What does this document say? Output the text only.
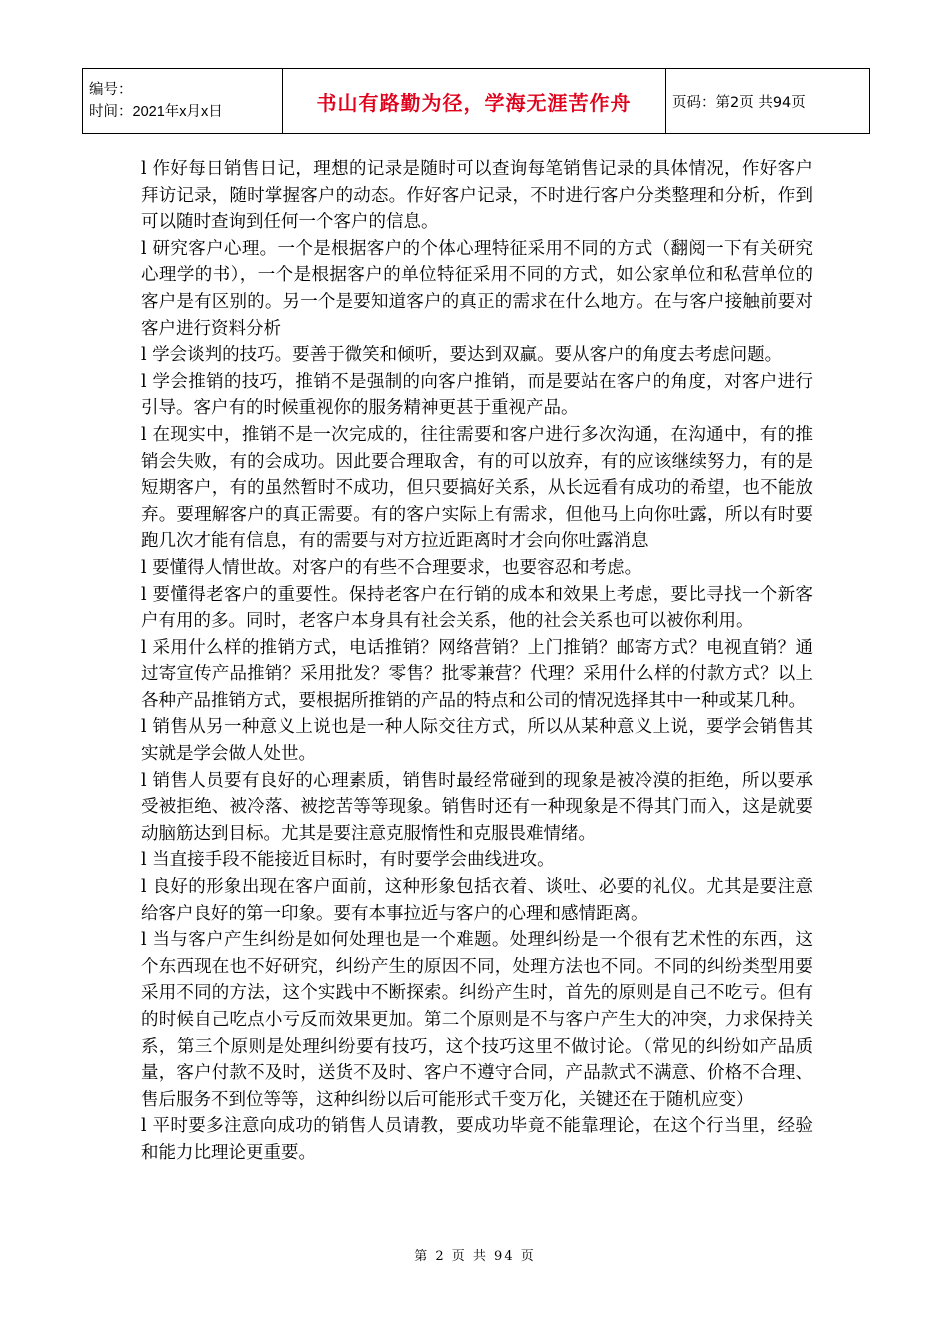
编号：
时间：2021年x月x日	书山有路勤为径，学海无涯苦作舟	页码：第2页 共94页

l 作好每日销售日记，理想的记录是随时可以查询每笔销售记录的具体情况，作好客户拜访记录，随时掌握客户的动态。作好客户记录，不时进行客户分类整理和分析，作到可以随时查询到任何一个客户的信息。

l 研究客户心理。一个是根据客户的个体心理特征采用不同的方式（翻阅一下有关研究心理学的书），一个是根据客户的单位特征采用不同的方式，如公家单位和私营单位的客户是有区别的。另一个是要知道客户的真正的需求在什么地方。在与客户接触前要对客户进行资料分析

l 学会谈判的技巧。要善于微笑和倾听，要达到双赢。要从客户的角度去考虑问题。

l 学会推销的技巧，推销不是强制的向客户推销，而是要站在客户的角度，对客户进行引导。客户有的时候重视你的服务精神更甚于重视产品。

l 在现实中，推销不是一次完成的，往往需要和客户进行多次沟通，在沟通中，有的推销会失败，有的会成功。因此要合理取舍，有的可以放弃，有的应该继续努力，有的是短期客户，有的虽然暂时不成功，但只要搞好关系，从长远看有成功的希望，也不能放弃。要理解客户的真正需要。有的客户实际上有需求，但他马上向你吐露，所以有时要跑几次才能有信息，有的需要与对方拉近距离时才会向你吐露消息

l 要懂得人情世故。对客户的有些不合理要求，也要容忍和考虑。

l 要懂得老客户的重要性。保持老客户在行销的成本和效果上考虑，要比寻找一个新客户有用的多。同时，老客户本身具有社会关系，他的社会关系也可以被你利用。

l 采用什么样的推销方式，电话推销？网络营销？上门推销？邮寄方式？电视直销？通过寄宣传产品推销？采用批发？零售？批零兼营？代理？采用什么样的付款方式？以上各种产品推销方式，要根据所推销的产品的特点和公司的情况选择其中一种或某几种。

l 销售从另一种意义上说也是一种人际交往方式，所以从某种意义上说，要学会销售其实就是学会做人处世。

l 销售人员要有良好的心理素质，销售时最经常碰到的现象是被冷漠的拒绝，所以要承受被拒绝、被冷落、被挖苦等等现象。销售时还有一种现象是不得其门而入，这是就要动脑筋达到目标。尤其是要注意克服惰性和克服畏难情绪。

l 当直接手段不能接近目标时，有时要学会曲线进攻。

l 良好的形象出现在客户面前，这种形象包括衣着、谈吐、必要的礼仪。尤其是要注意给客户良好的第一印象。要有本事拉近与客户的心理和感情距离。

l 当与客户产生纠纷是如何处理也是一个难题。处理纠纷是一个很有艺术性的东西，这个东西现在也不好研究，纠纷产生的原因不同，处理方法也不同。不同的纠纷类型用要采用不同的方法，这个实践中不断探索。纠纷产生时，首先的原则是自己不吃亏。但有的时候自己吃点小亏反而效果更加。第二个原则是不与客户产生大的冲突，力求保持关系，第三个原则是处理纠纷要有技巧，这个技巧这里不做讨论。（常见的纠纷如产品质量，客户付款不及时，送货不及时、客户不遵守合同，产品款式不满意、价格不合理、售后服务不到位等等，这种纠纷以后可能形式千变万化，关键还在于随机应变）

l 平时要多注意向成功的销售人员请教，要成功毕竟不能靠理论，在这个行当里，经验和能力比理论更重要。

第 2 页 共 94 页
